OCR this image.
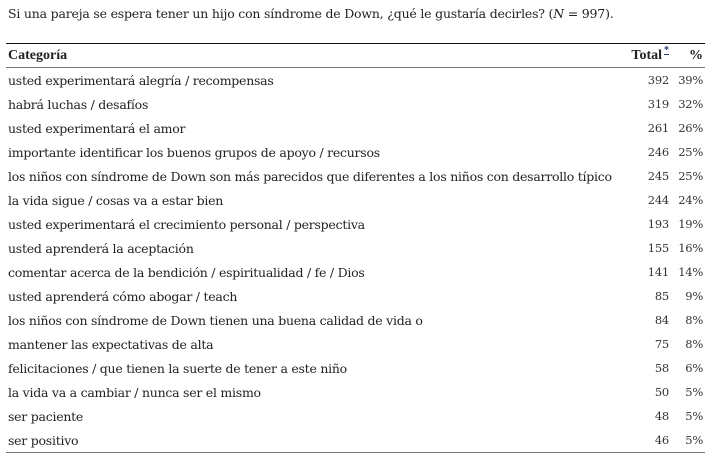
Si una pareja se espera tener un hijo con síndrome de Down, ¿qué le gustaría decirles? (N = 997).
Categoría	Total *	%
usted experimentará alegría / recompensas	392	39%
habrá luchas / desafíos	319	32%
usted experimentará el amor	261	26%
importante identificar los buenos grupos de apoyo / recursos	246	25%
los niños con síndrome de Down son más parecidos que diferentes a los niños con desarrollo típico	245	25%
la vida sigue / cosas va a estar bien	244	24%
usted experimentará el crecimiento personal / perspectiva	193	19%
usted aprenderá la aceptación	155	16%
comentar acerca de la bendición / espiritualidad / fe / Dios	141	14%
usted aprenderá cómo abogar / teach	85	9%
los niños con síndrome de Down tienen una buena calidad de vida o	84	8%
mantener las expectativas de alta	75	8%
felicitaciones / que tienen la suerte de tener a este niño	58	6%
la vida va a cambiar / nunca ser el mismo	50	5%
ser paciente	48	5%
ser positivo	46	5%
